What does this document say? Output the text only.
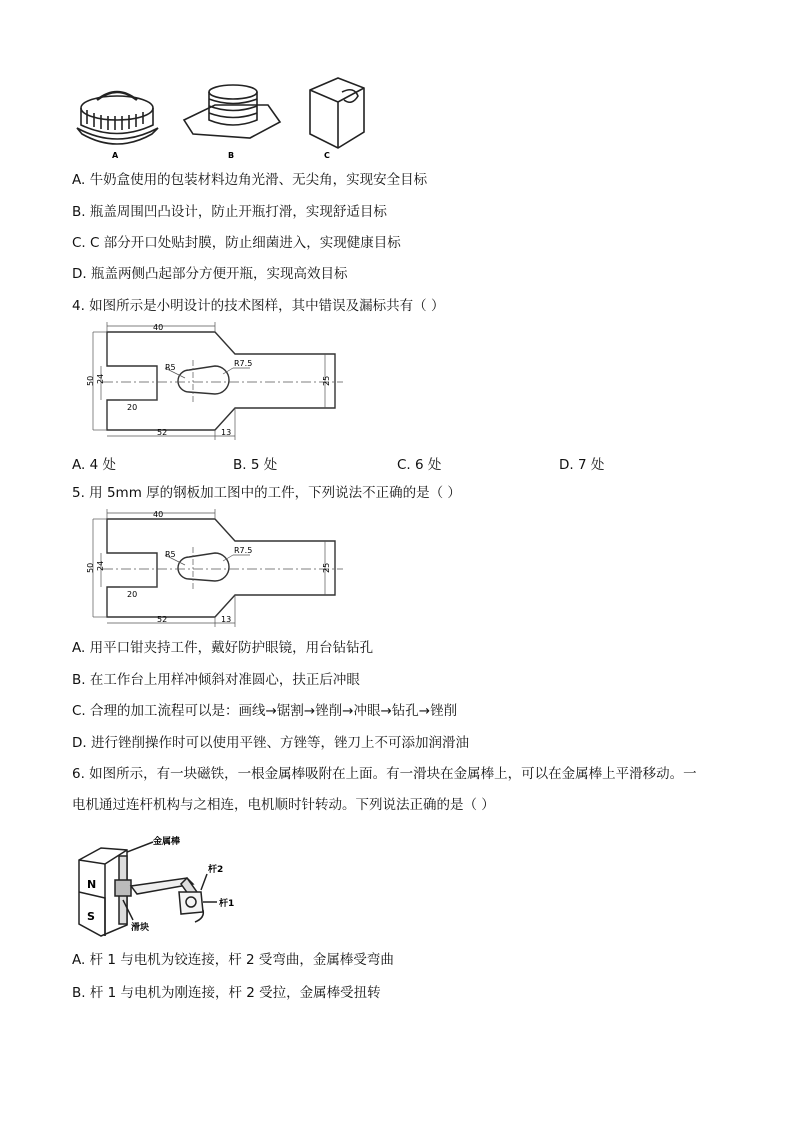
A	B	C
A. 牛奶盒使用的包装材料边角光滑、无尖角，实现安全目标
B. 瓶盖周围凹凸设计，防止开瓶打滑，实现舒适目标
C. C 部分开口处贴封膜，防止细菌进入，实现健康目标
D. 瓶盖两侧凸起部分方便开瓶，实现高效目标
4. 如图所示是小明设计的技术图样，其中错误及漏标共有（ ）
40
50 24
20
R5	R7.5
25
52	13
A. 4 处	B. 5 处	C. 6 处	D. 7 处
5. 用 5mm 厚的钢板加工图中的工件，下列说法不正确的是（ ）
40
50 24
20
R5	R7.5
25
52	13
A. 用平口钳夹持工件，戴好防护眼镜，用台钻钻孔
B. 在工作台上用样冲倾斜对准圆心，扶正后冲眼
C. 合理的加工流程可以是：画线→锯割→锉削→冲眼→钻孔→锉削
D. 进行锉削操作时可以使用平锉、方锉等，锉刀上不可添加润滑油
6. 如图所示，有一块磁铁，一根金属棒吸附在上面。有一滑块在金属棒上，可以在金属棒上平滑移动。一
电机通过连杆机构与之相连，电机顺时针转动。下列说法正确的是（ ）
N
S
金属棒
杆2
杆1
滑块
A. 杆 1 与电机为铰连接，杆 2 受弯曲，金属棒受弯曲
B. 杆 1 与电机为刚连接，杆 2 受拉，金属棒受扭转
